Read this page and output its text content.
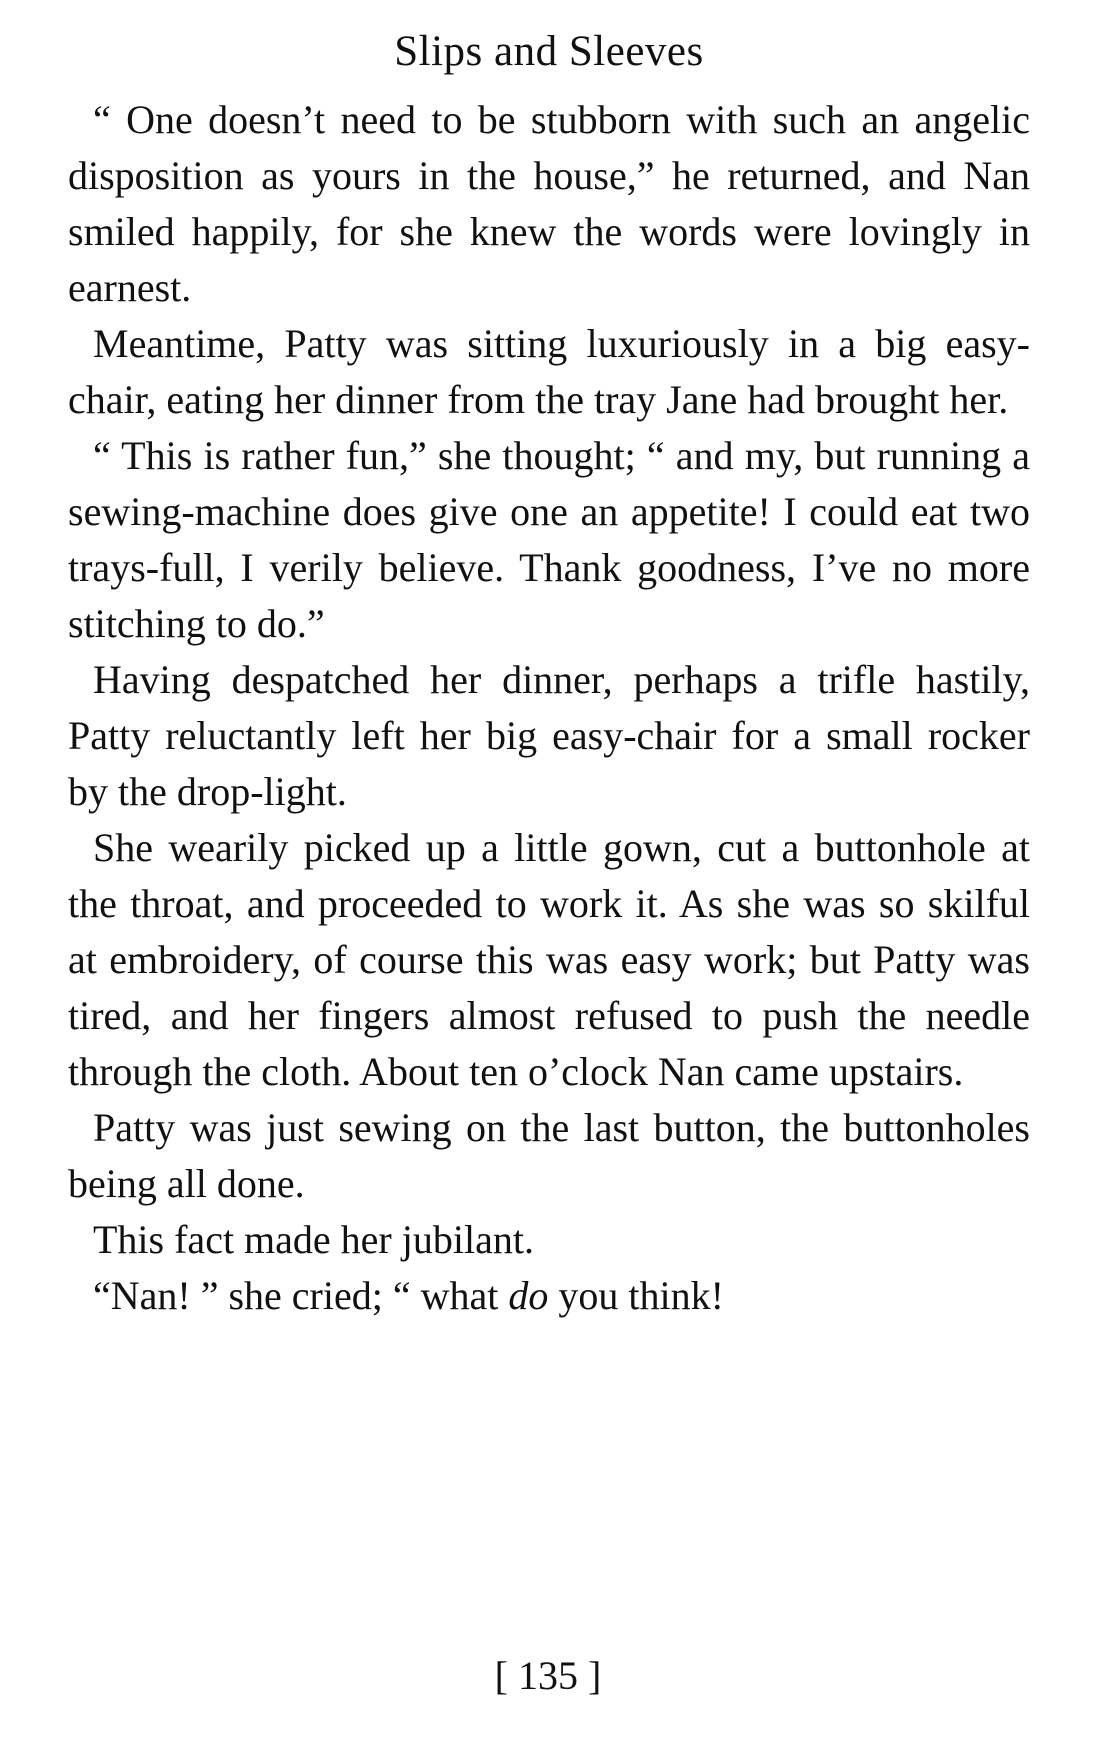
Slips and Sleeves

“ One doesn’t need to be stubborn with such an angelic disposition as yours in the house,” he returned, and Nan smiled happily, for she knew the words were lovingly in earnest.

Meantime, Patty was sitting luxuriously in a big easy-chair, eating her dinner from the tray Jane had brought her.

“ This is rather fun,” she thought; “ and my, but running a sewing-machine does give one an appetite! I could eat two trays-full, I verily believe. Thank goodness, I’ve no more stitching to do.”

Having despatched her dinner, perhaps a trifle hastily, Patty reluctantly left her big easy-chair for a small rocker by the drop-light.

She wearily picked up a little gown, cut a buttonhole at the throat, and proceeded to work it. As she was so skilful at embroidery, of course this was easy work; but Patty was tired, and her fingers almost refused to push the needle through the cloth. About ten o’clock Nan came upstairs.

Patty was just sewing on the last button, the buttonholes being all done.

This fact made her jubilant.

“Nan! ” she cried; “ what do you think!

[ 135 ]
